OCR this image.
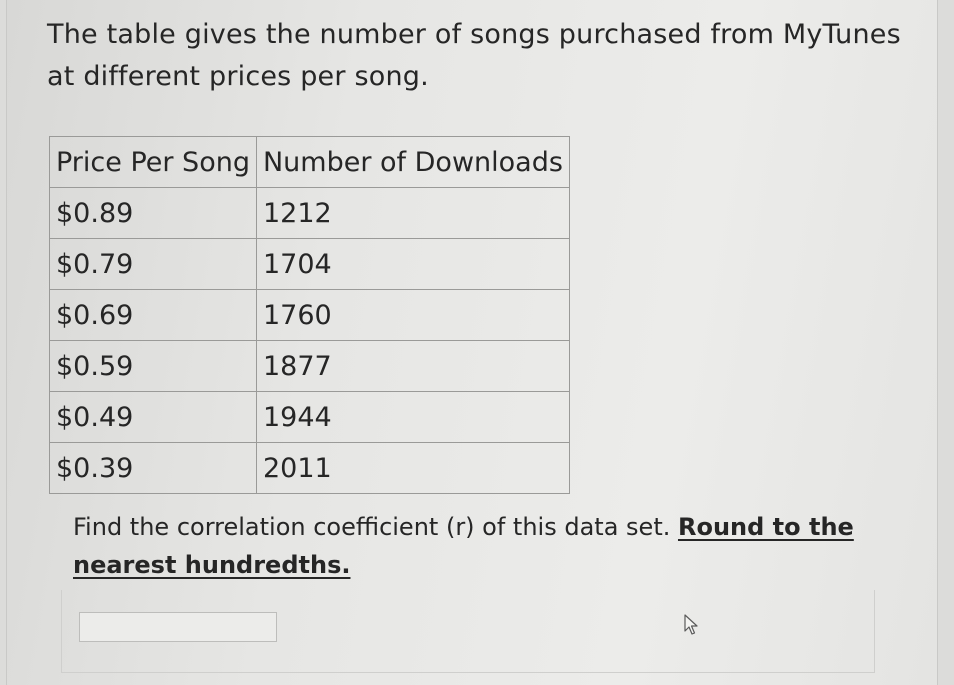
The table gives the number of songs purchased from MyTunes at different prices per song.
Price Per Song	Number of Downloads
$0.89	1212
$0.79	1704
$0.69	1760
$0.59	1877
$0.49	1944
$0.39	2011
Find the correlation coefficient (r) of this data set. Round to the nearest hundredths.
